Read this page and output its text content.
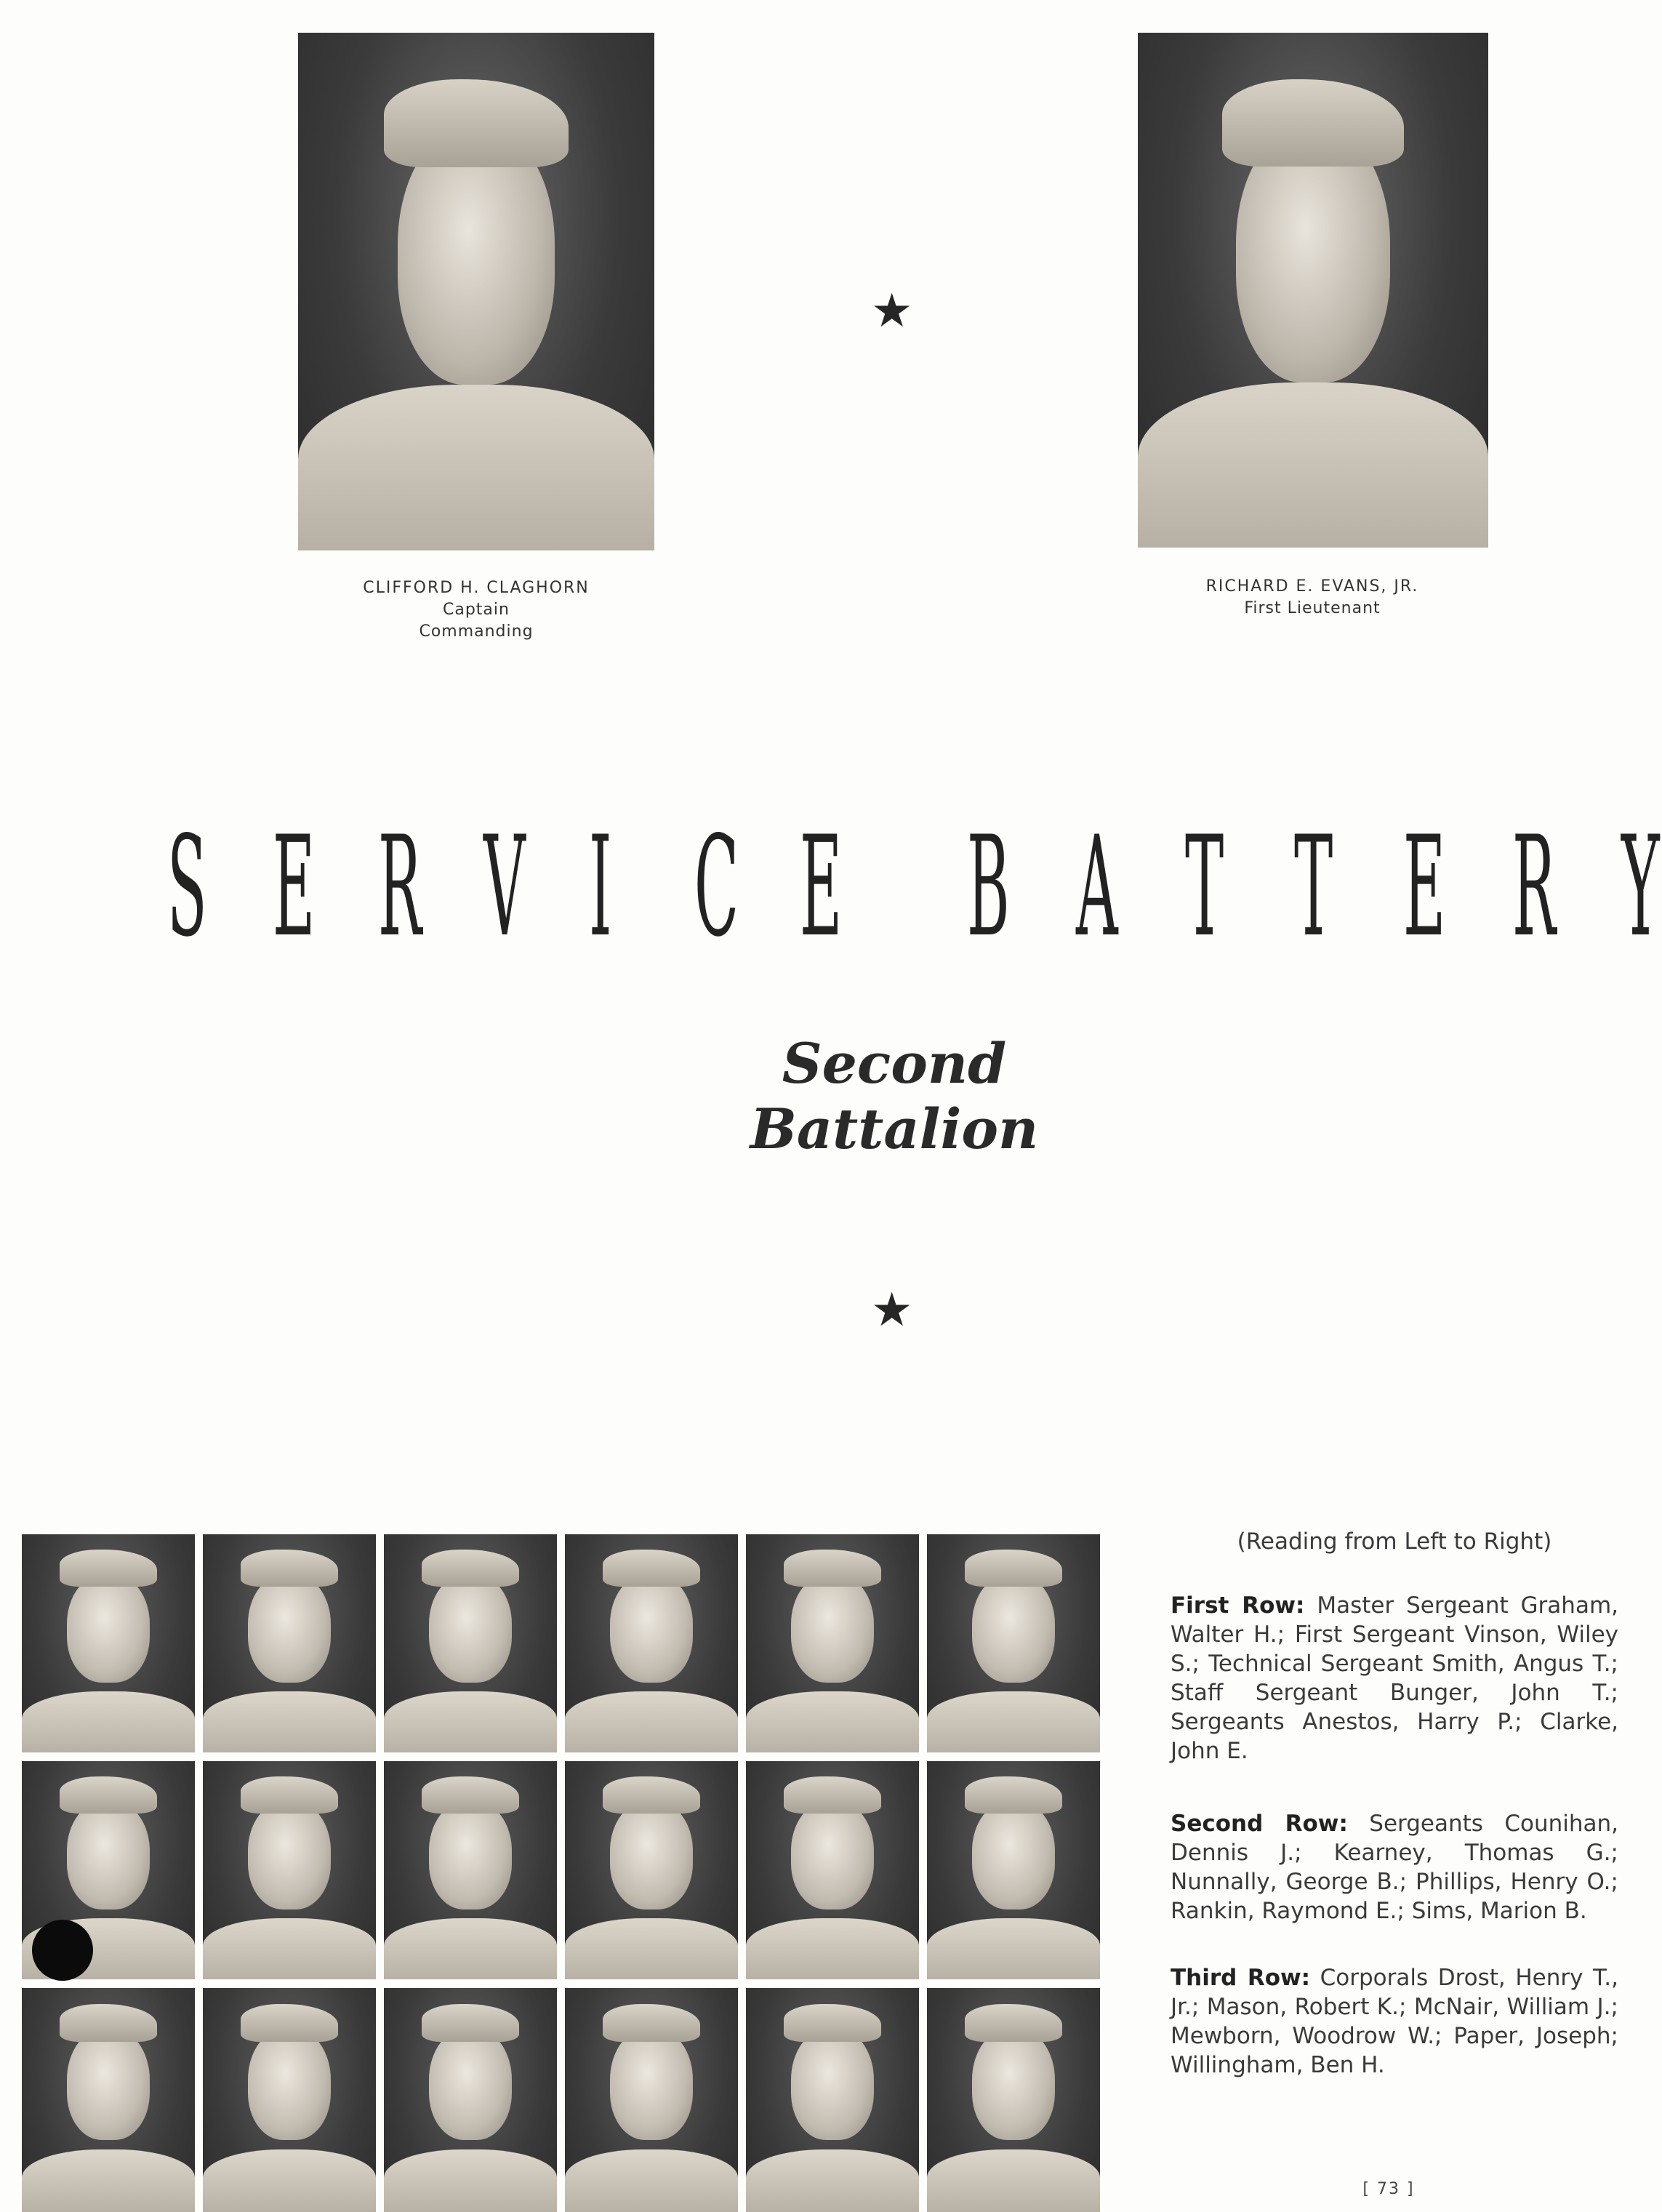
CLIFFORD H. CLAGHORN
Captain
Commanding
RICHARD E. EVANS, JR.
First Lieutenant
★
S E R V I C E B A T T E R Y
Second Battalion
★
(Reading from Left to Right)
First Row: Master Sergeant Graham, Walter H.; First Sergeant Vinson, Wiley S.; Technical Sergeant Smith, Angus T.; Staff Sergeant Bunger, John T.; Sergeants Anestos, Harry P.; Clarke, John E.
Second Row: Sergeants Counihan, Dennis J.; Kearney, Thomas G.; Nunnally, George B.; Phillips, Henry O.; Rankin, Raymond E.; Sims, Marion B.
Third Row: Corporals Drost, Henry T., Jr.; Mason, Robert K.; McNair, William J.; Mewborn, Woodrow W.; Paper, Joseph; Willingham, Ben H.
[ 73 ]
